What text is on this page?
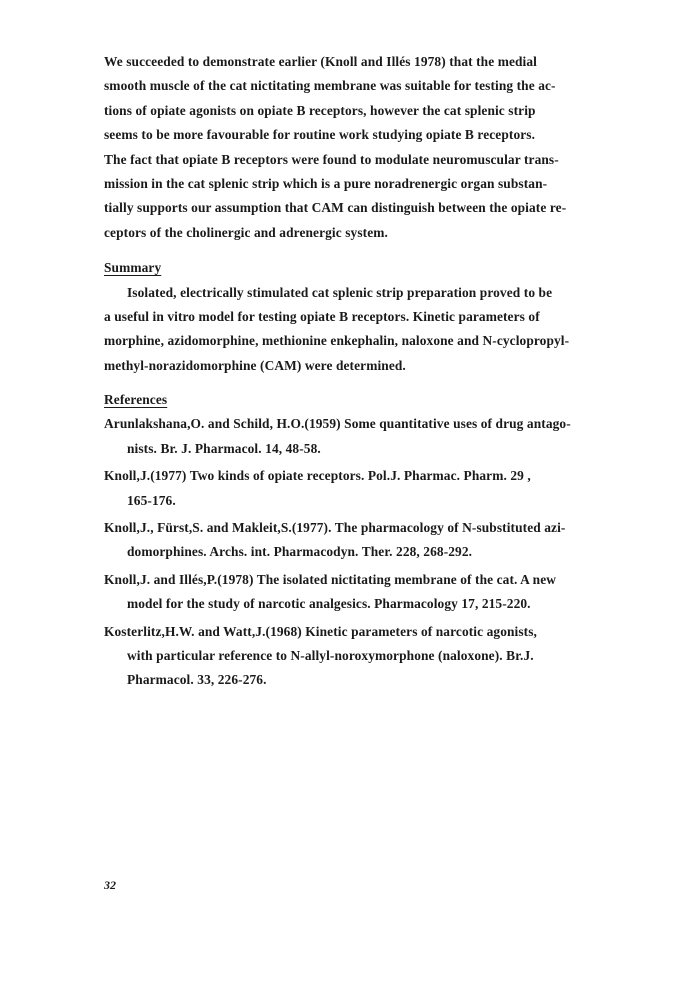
We succeeded to demonstrate earlier (Knoll and Illés 1978) that the medial
smooth muscle of the cat nictitating membrane was suitable for testing the ac-
tions of opiate agonists on opiate B receptors, however the cat splenic strip
seems to be more favourable for routine work studying opiate B receptors.
The fact that opiate B receptors were found to modulate neuromuscular trans-
mission in the cat splenic strip which is a pure noradrenergic organ substan-
tially supports our assumption that CAM can distinguish between the opiate re-
ceptors of the cholinergic and adrenergic system.
Summary
Isolated, electrically stimulated cat splenic strip preparation proved to be
a useful in vitro model for testing opiate B receptors. Kinetic parameters of
morphine, azidomorphine, methionine enkephalin, naloxone and N-cyclopropyl-
methyl-norazidomorphine (CAM) were determined.
References
Arunlakshana,O. and Schild, H.O.(1959) Some quantitative uses of drug antago-
nists. Br. J. Pharmacol. 14, 48-58.
Knoll,J.(1977) Two kinds of opiate receptors. Pol.J. Pharmac. Pharm. 29 ,
165-176.
Knoll,J., Fürst,S. and Makleit,S.(1977). The pharmacology of N-substituted azi-
domorphines. Archs. int. Pharmacodyn. Ther. 228, 268-292.
Knoll,J. and Illés,P.(1978) The isolated nictitating membrane of the cat. A new
model for the study of narcotic analgesics. Pharmacology 17, 215-220.
Kosterlitz,H.W. and Watt,J.(1968) Kinetic parameters of narcotic agonists,
with particular reference to N-allyl-noroxymorphone (naloxone). Br.J.
Pharmacol. 33, 226-276.
32
